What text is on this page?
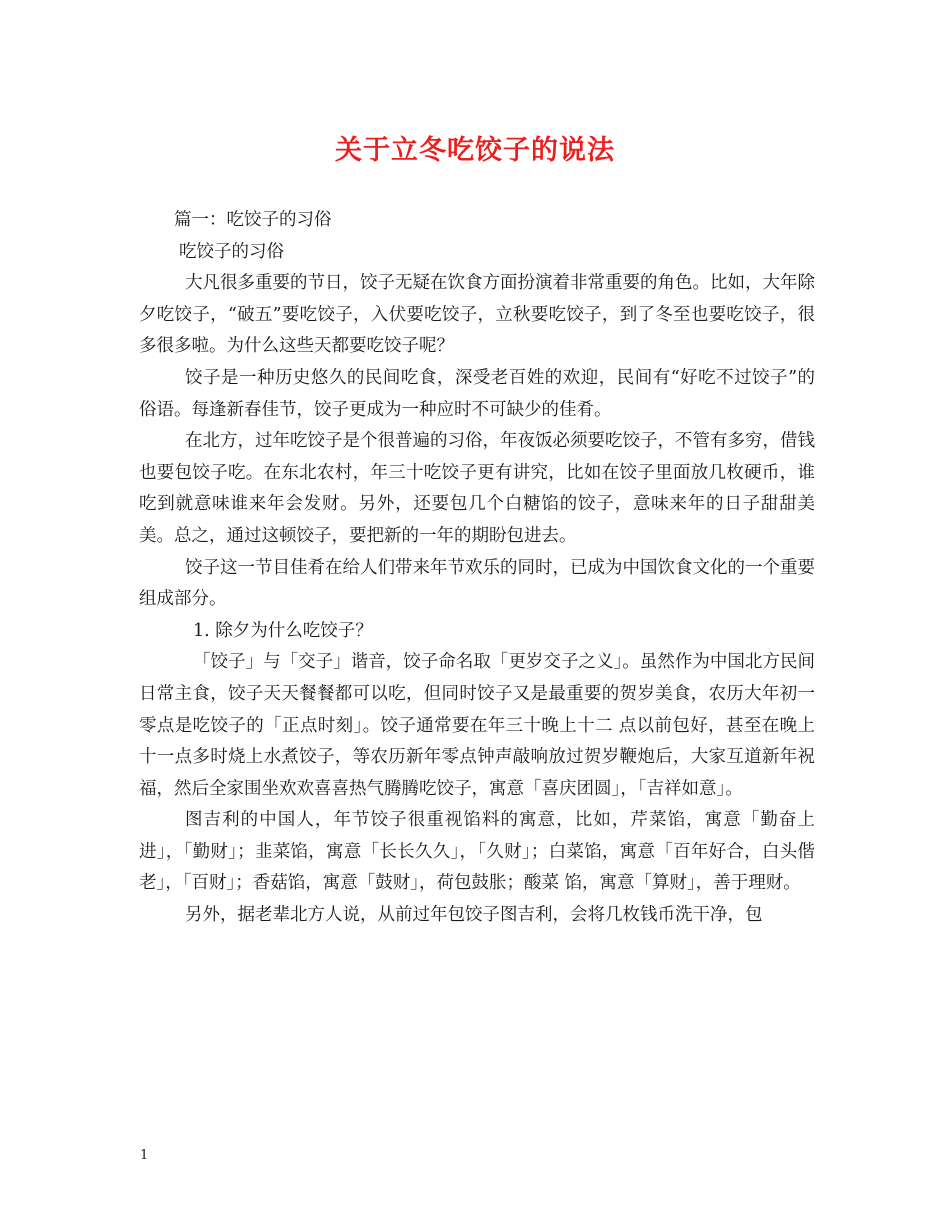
关于立冬吃饺子的说法

篇一：吃饺子的习俗

吃饺子的习俗

大凡很多重要的节日，饺子无疑在饮食方面扮演着非常重要的角色。比如，大年除夕吃饺子，“破五”要吃饺子，入伏要吃饺子，立秋要吃饺子，到了冬至也要吃饺子，很多很多啦。为什么这些天都要吃饺子呢？

饺子是一种历史悠久的民间吃食，深受老百姓的欢迎，民间有“好吃不过饺子”的俗语。每逢新春佳节，饺子更成为一种应时不可缺少的佳肴。

在北方，过年吃饺子是个很普遍的习俗，年夜饭必须要吃饺子，不管有多穷，借钱也要包饺子吃。在东北农村，年三十吃饺子更有讲究，比如在饺子里面放几枚硬币，谁吃到就意味谁来年会发财。另外，还要包几个白糖馅的饺子，意味来年的日子甜甜美美。总之，通过这顿饺子，要把新的一年的期盼包进去。

饺子这一节目佳肴在给人们带来年节欢乐的同时，已成为中国饮食文化的一个重要组成部分。

1. 除夕为什么吃饺子？

「饺子」与「交子」谐音，饺子命名取「更岁交子之义」。虽然作为中国北方民间日常主食，饺子天天餐餐都可以吃，但同时饺子又是最重要的贺岁美食，农历大年初一零点是吃饺子的「正点时刻」。饺子通常要在年三十晚上十二 点以前包好，甚至在晚上十一点多时烧上水煮饺子，等农历新年零点钟声敲响放过贺岁鞭炮后，大家互道新年祝福，然后全家围坐欢欢喜喜热气腾腾吃饺子，寓意「喜庆团圆」，「吉祥如意」。

图吉利的中国人，年节饺子很重视馅料的寓意，比如，芹菜馅，寓意「勤奋上进」，「勤财」；韭菜馅，寓意「长长久久」，「久财」；白菜馅，寓意「百年好合，白头偕老」，「百财」；香菇馅，寓意「鼓财」，荷包鼓胀；酸菜 馅，寓意「算财」，善于理财。

另外，据老辈北方人说，从前过年包饺子图吉利，会将几枚钱币洗干净，包

1
